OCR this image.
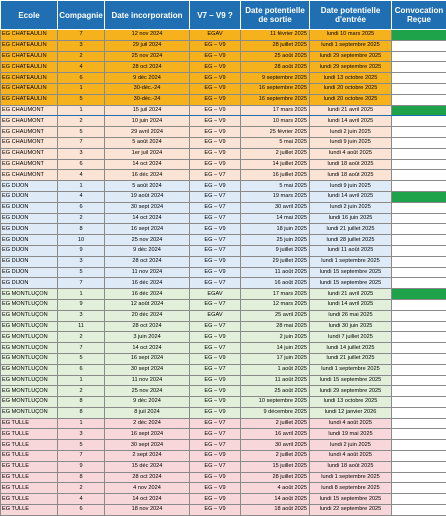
Ecole	Compagnie	Date incorporation	V7 – V9 ?	Date potentielle de sortie	Date potentielle d'entrée	Convocation Reçue
EG CHATEAULIN	7	12 nov 2024	EGAV	11 février 2025	lundi 10 mars 2025	
EG CHATEAULIN	3	29 juil 2024	EG – V9	28 juillet 2025	lundi 1 septembre 2025	
EG CHATEAULIN	2	25 nov 2024	EG – V9	25 août 2025	lundi 29 septembre 2025	
EG CHATEAULIN	4	28 oct 2024	EG – V9	28 août 2025	lundi 29 septembre 2025	
EG CHATEAULIN	6	9 déc 2024	EG – V9	9 septembre 2025	lundi 13 octobre 2025	
EG CHATEAULIN	1	30-déc.-24	EG – V9	16 septembre 2025	lundi 20 octobre 2025	
EG CHATEAULIN	5	30-déc.-24	EG – V9	16 septembre 2025	lundi 20 octobre 2025	
EG CHAUMONT	1	15 juil 2024	EG – V9	17 mars 2025	lundi 21 avril 2025	
EG CHAUMONT	2	10 juin 2024	EG – V9	10 mars 2025	lundi 14 avril 2025	
EG CHAUMONT	5	29 avril 2024	EG – V9	25 février 2025	lundi 2 juin 2025	
EG CHAUMONT	7	5 août 2024	EG – V9	5 mai 2025	lundi 9 juin 2025	
EG CHAUMONT	3	1er juil 2024	EG – V9	2 juillet 2025	lundi 4 août 2025	
EG CHAUMONT	6	14 oct 2024	EG – V9	14 juillet 2025	lundi 18 août 2025	
EG CHAUMONT	4	16 déc 2024	EG – V7	16 juillet 2025	lundi 18 août 2025	
EG DIJON	1	5 août 2024	EG – V9	5 mai 2025	lundi 9 juin 2025	
EG DIJON	4	19 août 2024	EG – V7	19 mars 2025	lundi 14 avril 2025	
EG DIJON	6	30 sept 2024	EG – V7	30 avril 2025	lundi 2 juin 2025	
EG DIJON	2	14 oct 2024	EG – V7	14 mai 2025	lundi 16 juin 2025	
EG DIJON	8	16 sept 2024	EG – V9	18 juin 2025	lundi 21 juillet 2025	
EG DIJON	10	25 nov 2024	EG – V7	25 juin 2025	lundi 28 juillet 2025	
EG DIJON	9	9 déc 2024	EG – V7	9 juillet 2025	lundi 11 août 2025	
EG DIJON	3	28 oct 2024	EG – V9	29 juillet 2025	lundi 1 septembre 2025	
EG DIJON	5	11 nov 2024	EG – V9	11 août 2025	lundi 15 septembre 2025	
EG DIJON	7	16 déc 2024	EG – V7	16 août 2025	lundi 15 septembre 2025	
EG MONTLUÇON	1	16 déc 2024	EGAV	17 mars 2025	lundi 21 avril 2025	
EG MONTLUÇON	9	12 août 2024	EG – V7	12 mars 2025	lundi 14 avril 2025	
EG MONTLUÇON	3	20 déc 2024	EGAV	25 avril 2025	lundi 26 mai 2025	
EG MONTLUÇON	11	28 oct 2024	EG – V7	28 mai 2025	lundi 30 juin 2025	
EG MONTLUÇON	2	3 juin 2024	EG – V9	2 juin 2025	lundi 7 juillet 2025	
EG MONTLUÇON	7	14 oct 2024	EG – V7	14 juin 2025	lundi 14 juillet 2025	
EG MONTLUÇON	5	16 sept 2024	EG – V9	17 juin 2025	lundi 21 juillet 2025	
EG MONTLUÇON	6	30 sept 2024	EG – V7	1 août 2025	lundi 1 septembre 2025	
EG MONTLUÇON	1	11 nov 2024	EG – V9	11 août 2025	lundi 15 septembre 2025	
EG MONTLUÇON	2	25 nov 2024	EG – V9	25 août 2025	lundi 29 septembre 2025	
EG MONTLUÇON	8	9 déc 2024	EG – V9	10 septembre 2025	lundi 13 octobre 2025	
EG MONTLUÇON	8	8 juil 2024	EG – V9	9 décembre 2025	lundi 12 janvier 2026	
EG TULLE	1	2 déc 2024	EG – V7	2 juillet 2025	lundi 4 août 2025	
EG TULLE	3	16 sept 2024	EG – V7	16 avril 2025	lundi 19 mai 2025	
EG TULLE	5	30 sept 2024	EG – V7	30 avril 2025	lundi 2 juin 2025	
EG TULLE	7	2 sept 2024	EG – V9	2 juillet 2025	lundi 4 août 2025	
EG TULLE	9	15 déc 2024	EG – V7	15 juillet 2025	lundi 18 août 2025	
EG TULLE	8	28 oct 2024	EG – V9	28 juillet 2025	lundi 1 septembre 2025	
EG TULLE	2	4 nov 2024	EG – V9	4 août 2025	lundi 8 septembre 2025	
EG TULLE	4	14 oct 2024	EG – V9	14 août 2025	lundi 15 septembre 2025	
EG TULLE	6	18 nov 2024	EG – V9	18 août 2025	lundi 22 septembre 2025	
